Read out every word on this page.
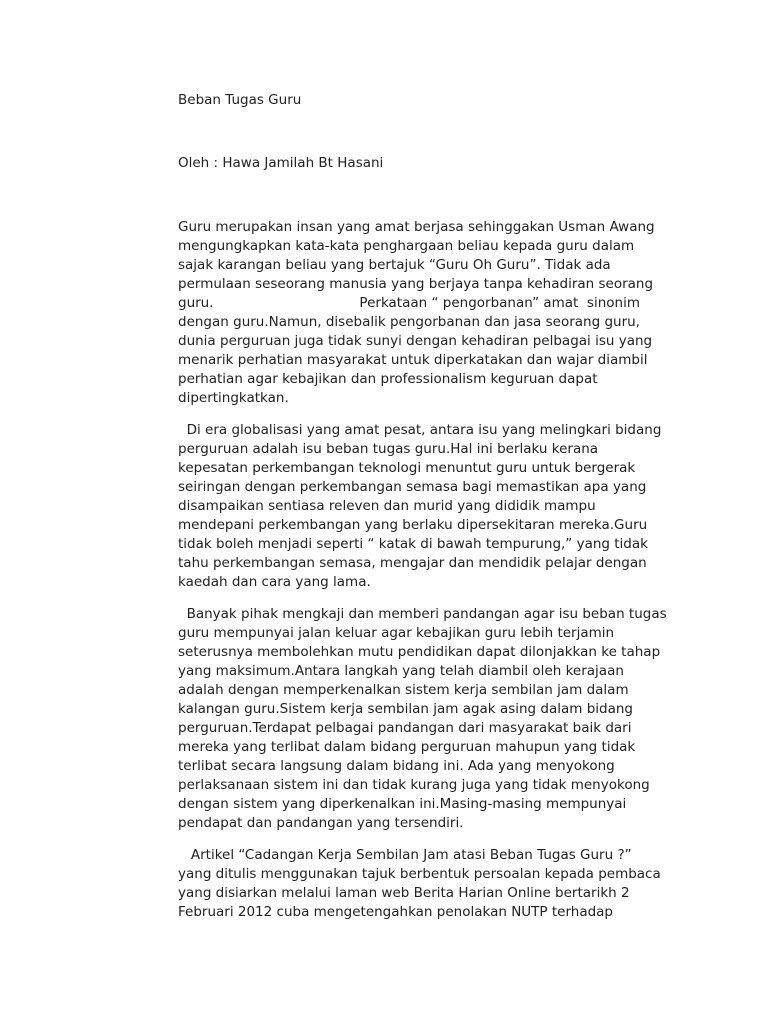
Beban Tugas Guru

Oleh : Hawa Jamilah Bt Hasani

Guru merupakan insan yang amat berjasa sehinggakan Usman Awang
mengungkapkan kata-kata penghargaan beliau kepada guru dalam
sajak karangan beliau yang bertajuk “Guru Oh Guru”. Tidak ada
permulaan seseorang manusia yang berjaya tanpa kehadiran seorang
guru.                                  Perkataan “ pengorbanan” amat  sinonim
dengan guru.Namun, disebalik pengorbanan dan jasa seorang guru,
dunia perguruan juga tidak sunyi dengan kehadiran pelbagai isu yang
menarik perhatian masyarakat untuk diperkatakan dan wajar diambil
perhatian agar kebajikan dan professionalism keguruan dapat
dipertingkatkan.

Di era globalisasi yang amat pesat, antara isu yang melingkari bidang
perguruan adalah isu beban tugas guru.Hal ini berlaku kerana
kepesatan perkembangan teknologi menuntut guru untuk bergerak
seiringan dengan perkembangan semasa bagi memastikan apa yang
disampaikan sentiasa releven dan murid yang dididik mampu
mendepani perkembangan yang berlaku dipersekitaran mereka.Guru
tidak boleh menjadi seperti “ katak di bawah tempurung,” yang tidak
tahu perkembangan semasa, mengajar dan mendidik pelajar dengan
kaedah dan cara yang lama.

Banyak pihak mengkaji dan memberi pandangan agar isu beban tugas
guru mempunyai jalan keluar agar kebajikan guru lebih terjamin
seterusnya membolehkan mutu pendidikan dapat dilonjakkan ke tahap
yang maksimum.Antara langkah yang telah diambil oleh kerajaan
adalah dengan memperkenalkan sistem kerja sembilan jam dalam
kalangan guru.Sistem kerja sembilan jam agak asing dalam bidang
perguruan.Terdapat pelbagai pandangan dari masyarakat baik dari
mereka yang terlibat dalam bidang perguruan mahupun yang tidak
terlibat secara langsung dalam bidang ini. Ada yang menyokong
perlaksanaan sistem ini dan tidak kurang juga yang tidak menyokong
dengan sistem yang diperkenalkan ini.Masing-masing mempunyai
pendapat dan pandangan yang tersendiri.

Artikel “Cadangan Kerja Sembilan Jam atasi Beban Tugas Guru ?”
yang ditulis menggunakan tajuk berbentuk persoalan kepada pembaca
yang disiarkan melalui laman web Berita Harian Online bertarikh 2
Februari 2012 cuba mengetengahkan penolakan NUTP terhadap
